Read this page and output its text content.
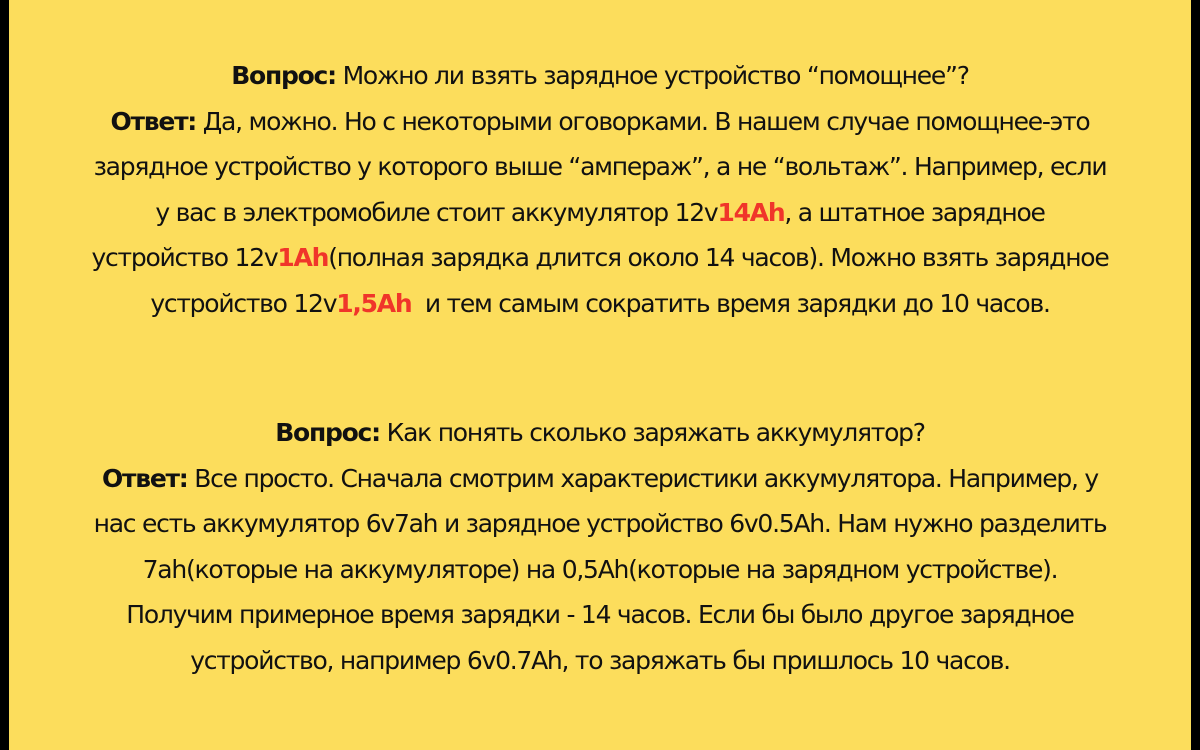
Вопрос: Можно ли взять зарядное устройство “помощнее”?
Ответ: Да, можно. Но с некоторыми оговорками. В нашем случае помощнее-это
зарядное устройство у которого выше “ампераж”, а не “вольтаж”. Например, если
у вас в электромобиле стоит аккумулятор 12v14Ah, а штатное зарядное
устройство 12v1Ah(полная зарядка длится около 14 часов). Можно взять зарядное
устройство 12v1,5Ah  и тем самым сократить время зарядки до 10 часов.
Вопрос: Как понять сколько заряжать аккумулятор?
Ответ: Все просто. Сначала смотрим характеристики аккумулятора. Например, у
нас есть аккумулятор 6v7ah и зарядное устройство 6v0.5Ah. Нам нужно разделить
7ah(которые на аккумуляторе) на 0,5Ah(которые на зарядном устройстве).
Получим примерное время зарядки - 14 часов. Если бы было другое зарядное
устройство, например 6v0.7Ah, то заряжать бы пришлось 10 часов.
